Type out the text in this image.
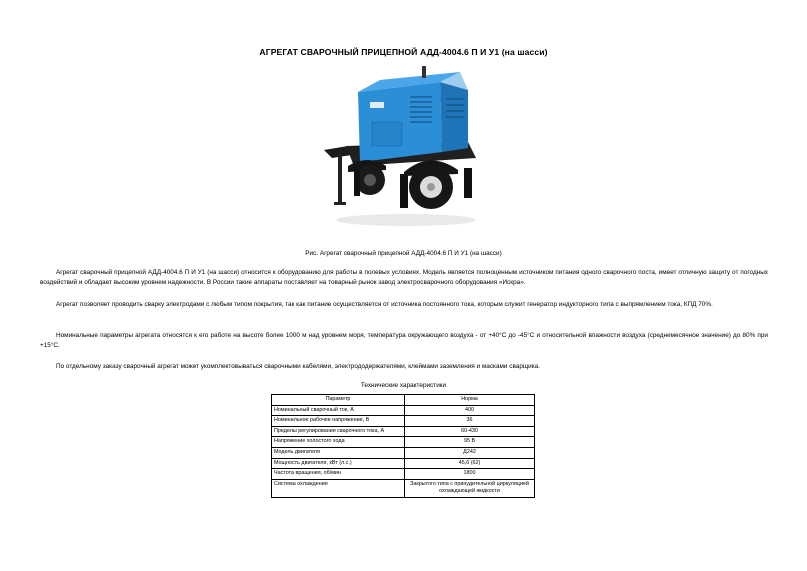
АГРЕГАТ СВАРОЧНЫЙ ПРИЦЕПНОЙ АДД-4004.6 П И У1 (на шасси)
Рис. Агрегат сварочный прицепной АДД-4004.6 П И У1 (на шасси)

Агрегат сварочный прицепной АДД-4004.6 П И У1 (на шасси) относится к оборудованию для работы в полевых условиях. Модель является полноценным источником питания одного сварочного поста, имеет отличную защиту от погодных воздействий и обладает высоким уровнем надежности. В России такие аппараты поставляет на товарный рынок завод электросварочного оборудования «Искра».

Агрегат позволяет проводить сварку электродами с любым типом покрытия, так как питание осуществляется от источника постоянного тока, которым служит генератор индукторного типа с выпрямлением тока, КПД 70%.

Номинальные параметры агрегата относятся к его работе на высоте более 1000 м над уровнем моря, температура окружающего воздуха - от +40°С до -45°С и относительной влажности воздуха (среднемесячное значение) до 80% при +15°С.

По отдельному заказу сварочный агрегат может укомплектовываться сварочными кабелями, электрододержателями, клеймами заземления и масками сварщика.

Технические характеристики
Параметр	Норма
Номинальный сварочный ток, А	400
Номинальное рабочее напряжение, В	36
Пределы регулирования сварочного тока, А	60-430
Напряжение холостого хода	95 В
Модель двигателя	Д242
Мощность двигателя, кВт (л.с.)	45,6 (62)
Частота вращения, об/мин	1800
Система охлаждения	Закрытого типа с принудительной циркуляцией охлаждающей жидкости
